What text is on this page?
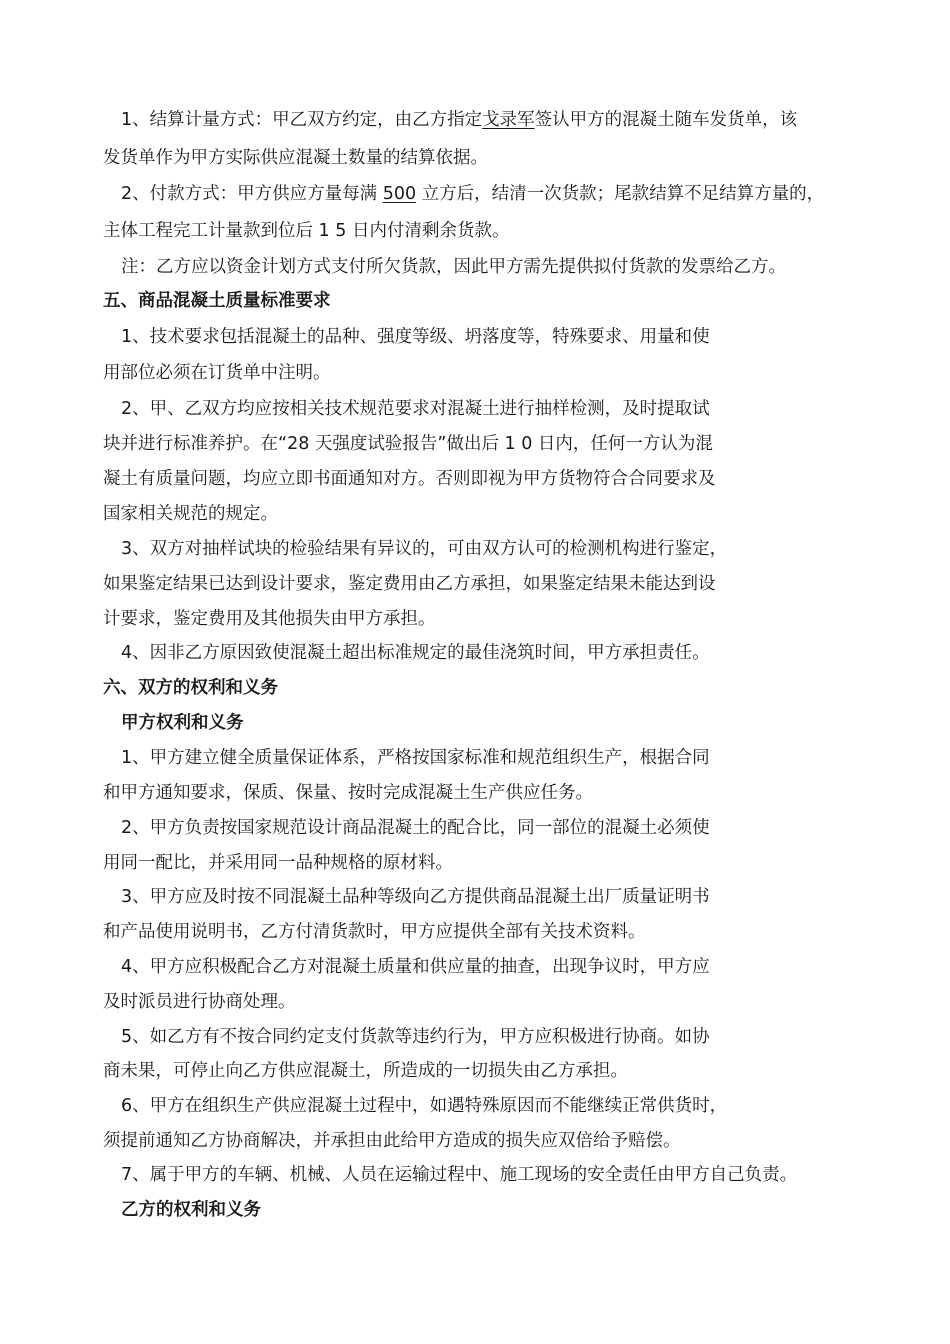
1、结算计量方式：甲乙双方约定，由乙方指定戈录军签认甲方的混凝土随车发货单，该
发货单作为甲方实际供应混凝土数量的结算依据。
2、付款方式：甲方供应方量每满 500 立方后，结清一次货款；尾款结算不足结算方量的，
主体工程完工计量款到位后 1 5 日内付清剩余货款。
注：乙方应以资金计划方式支付所欠货款，因此甲方需先提供拟付货款的发票给乙方。
五、商品混凝土质量标准要求
1、技术要求包括混凝土的品种、强度等级、坍落度等，特殊要求、用量和使
用部位必须在订货单中注明。
2、甲、乙双方均应按相关技术规范要求对混凝土进行抽样检测，及时提取试
块并进行标准养护。在“28 天强度试验报告”做出后 1 0 日内，任何一方认为混
凝土有质量问题，均应立即书面通知对方。否则即视为甲方货物符合合同要求及
国家相关规范的规定。
3、双方对抽样试块的检验结果有异议的，可由双方认可的检测机构进行鉴定，
如果鉴定结果已达到设计要求，鉴定费用由乙方承担，如果鉴定结果未能达到设
计要求，鉴定费用及其他损失由甲方承担。
4、因非乙方原因致使混凝土超出标准规定的最佳浇筑时间，甲方承担责任。
六、双方的权利和义务
甲方权利和义务
1、甲方建立健全质量保证体系，严格按国家标准和规范组织生产，根据合同
和甲方通知要求，保质、保量、按时完成混凝土生产供应任务。
2、甲方负责按国家规范设计商品混凝土的配合比，同一部位的混凝土必须使
用同一配比，并采用同一品种规格的原材料。
3、甲方应及时按不同混凝土品种等级向乙方提供商品混凝土出厂质量证明书
和产品使用说明书，乙方付清货款时，甲方应提供全部有关技术资料。
4、甲方应积极配合乙方对混凝土质量和供应量的抽查，出现争议时，甲方应
及时派员进行协商处理。
5、如乙方有不按合同约定支付货款等违约行为，甲方应积极进行协商。如协
商未果，可停止向乙方供应混凝土，所造成的一切损失由乙方承担。
6、甲方在组织生产供应混凝土过程中，如遇特殊原因而不能继续正常供货时，
须提前通知乙方协商解决，并承担由此给甲方造成的损失应双倍给予赔偿。
7、属于甲方的车辆、机械、人员在运输过程中、施工现场的安全责任由甲方自己负责。
乙方的权利和义务
